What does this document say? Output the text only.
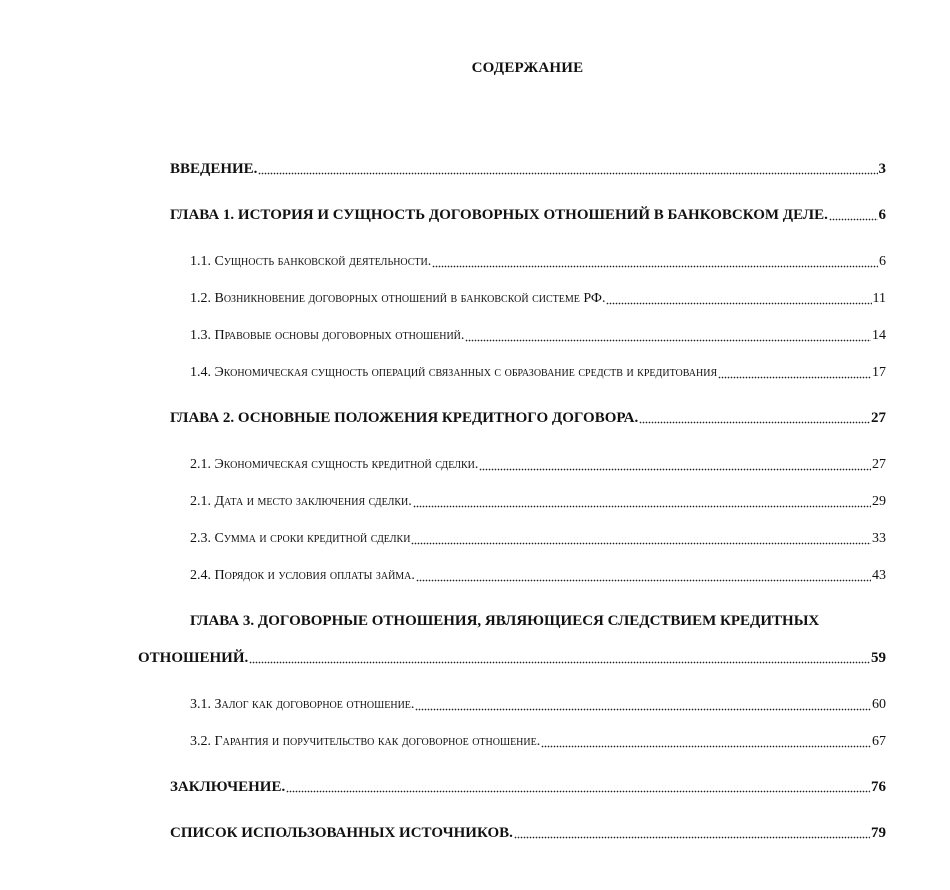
СОДЕРЖАНИЕ
ВВЕДЕНИЕ.	3
ГЛАВА 1. ИСТОРИЯ И СУЩНОСТЬ ДОГОВОРНЫХ ОТНОШЕНИЙ В БАНКОВСКОМ ДЕЛЕ.	6
1.1. Сущность банковской деятельности.	6
1.2. Возникновение договорных отношений в банковской системе РФ.	11
1.3. Правовые основы договорных отношений.	14
1.4. Экономическая сущность операций связанных с образование средств и кредитования	17
ГЛАВА 2. ОСНОВНЫЕ ПОЛОЖЕНИЯ КРЕДИТНОГО ДОГОВОРА.	27
2.1. Экономическая сущность кредитной сделки.	27
2.1. Дата и место заключения сделки.	29
2.3. Сумма и сроки кредитной сделки	33
2.4. Порядок и условия оплаты займа.	43
ГЛАВА 3. ДОГОВОРНЫЕ ОТНОШЕНИЯ, ЯВЛЯЮЩИЕСЯ СЛЕДСТВИЕМ КРЕДИТНЫХ
ОТНОШЕНИЙ.	59
3.1. Залог как договорное отношение.	60
3.2. Гарантия и поручительство как договорное отношение.	67
ЗАКЛЮЧЕНИЕ.	76
СПИСОК ИСПОЛЬЗОВАННЫХ ИСТОЧНИКОВ.	79
